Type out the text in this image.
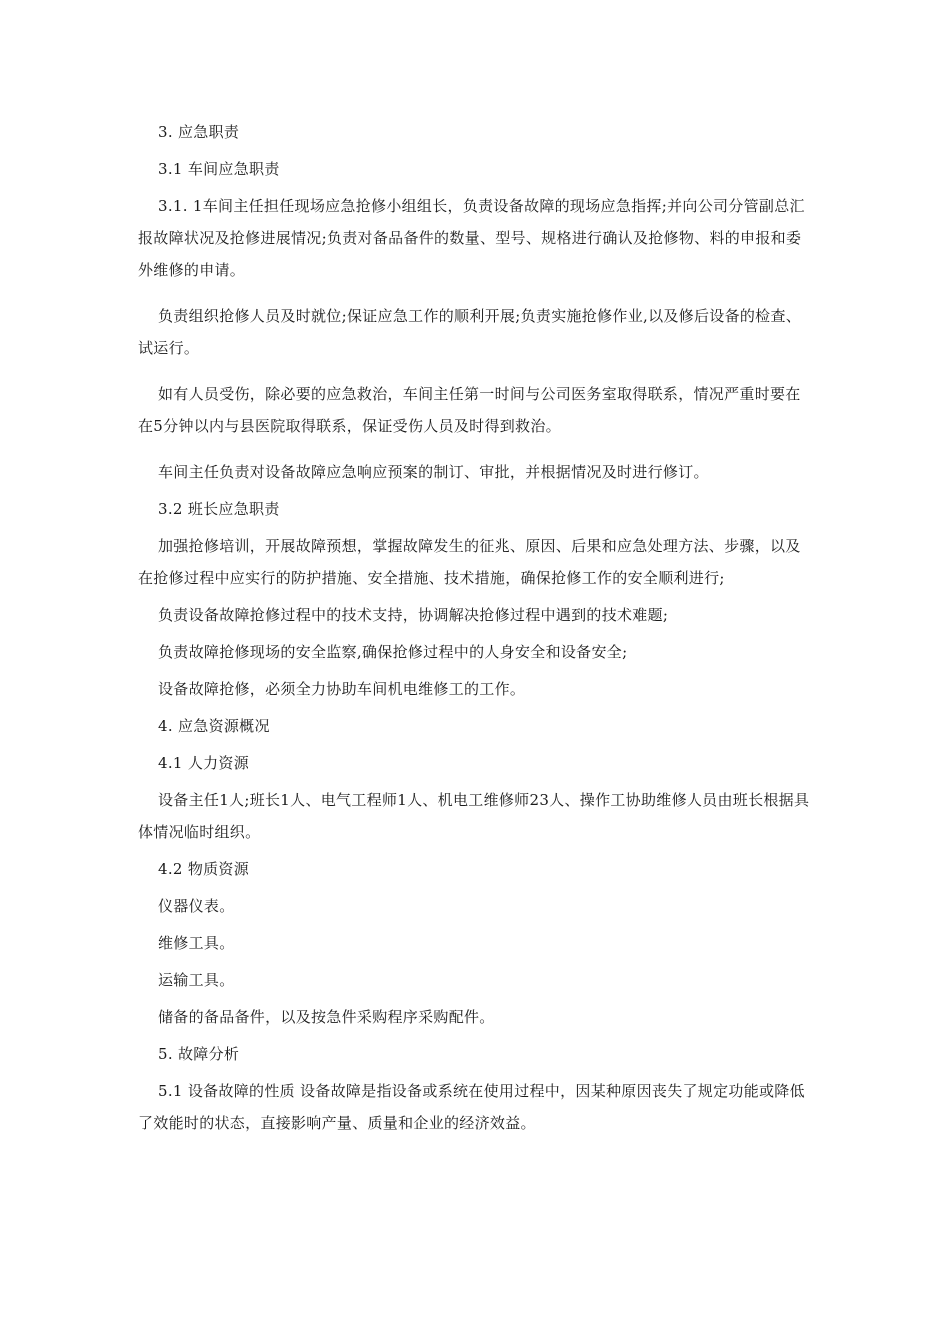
3. 应急职责

3.1 车间应急职责

3.1. 1车间主任担任现场应急抢修小组组长，负责设备故障的现场应急指挥;并向公司分管副总汇报故障状况及抢修进展情况;负责对备品备件的数量、型号、规格进行确认及抢修物、料的申报和委外维修的申请。

负责组织抢修人员及时就位;保证应急工作的顺利开展;负责实施抢修作业,以及修后设备的检查、试运行。

如有人员受伤，除必要的应急救治，车间主任第一时间与公司医务室取得联系，情况严重时要在在5分钟以内与县医院取得联系，保证受伤人员及时得到救治。

车间主任负责对设备故障应急响应预案的制订、审批，并根据情况及时进行修订。

3.2 班长应急职责

加强抢修培训，开展故障预想，掌握故障发生的征兆、原因、后果和应急处理方法、步骤，以及在抢修过程中应实行的防护措施、安全措施、技术措施，确保抢修工作的安全顺利进行;

负责设备故障抢修过程中的技术支持，协调解决抢修过程中遇到的技术难题;

负责故障抢修现场的安全监察,确保抢修过程中的人身安全和设备安全;

设备故障抢修，必须全力协助车间机电维修工的工作。

4. 应急资源概况

4.1 人力资源

设备主任1人;班长1人、电气工程师1人、机电工维修师23人、操作工协助维修人员由班长根据具体情况临时组织。

4.2 物质资源

仪器仪表。

维修工具。

运输工具。

储备的备品备件，以及按急件采购程序采购配件。

5. 故障分析

5.1 设备故障的性质 设备故障是指设备或系统在使用过程中，因某种原因丧失了规定功能或降低了效能时的状态，直接影响产量、质量和企业的经济效益。
